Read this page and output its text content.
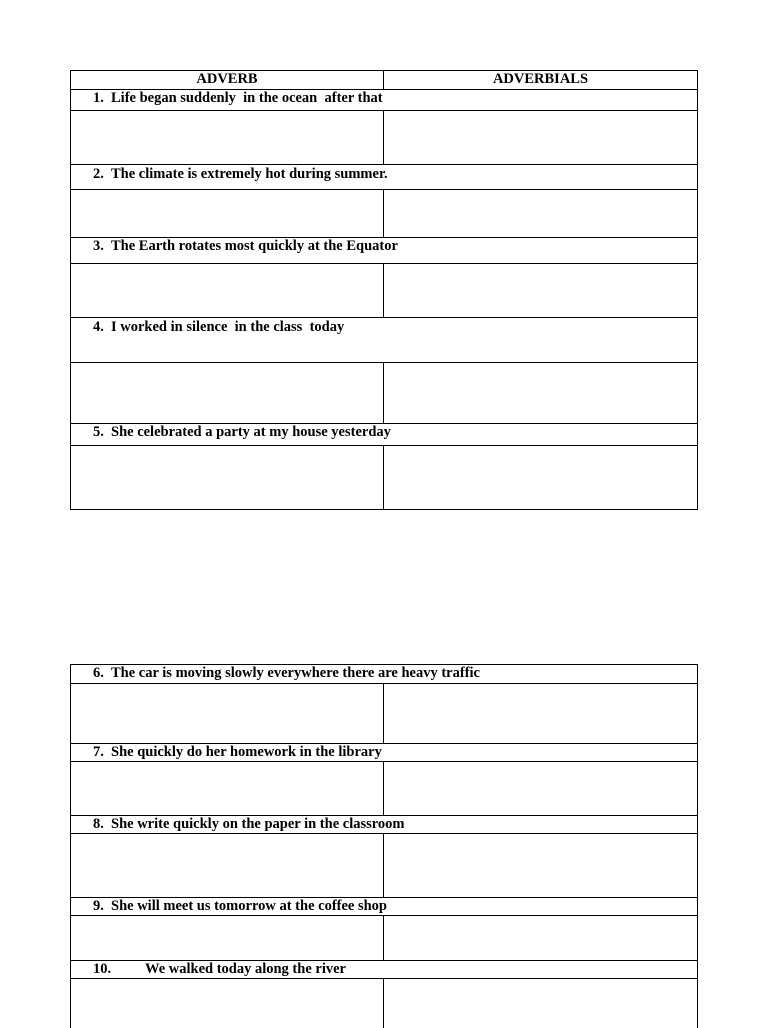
ADVERB	ADVERBIALS
1. Life began suddenly  in the ocean  after that
2. The climate is extremely hot during summer.
3. The Earth rotates most quickly at the Equator
4. I worked in silence  in the class  today
5. She celebrated a party at my house yesterday
6. The car is moving slowly everywhere there are heavy traffic
7. She quickly do her homework in the library
8. She write quickly on the paper in the classroom
9. She will meet us tomorrow at the coffee shop
10. We walked today along the river
